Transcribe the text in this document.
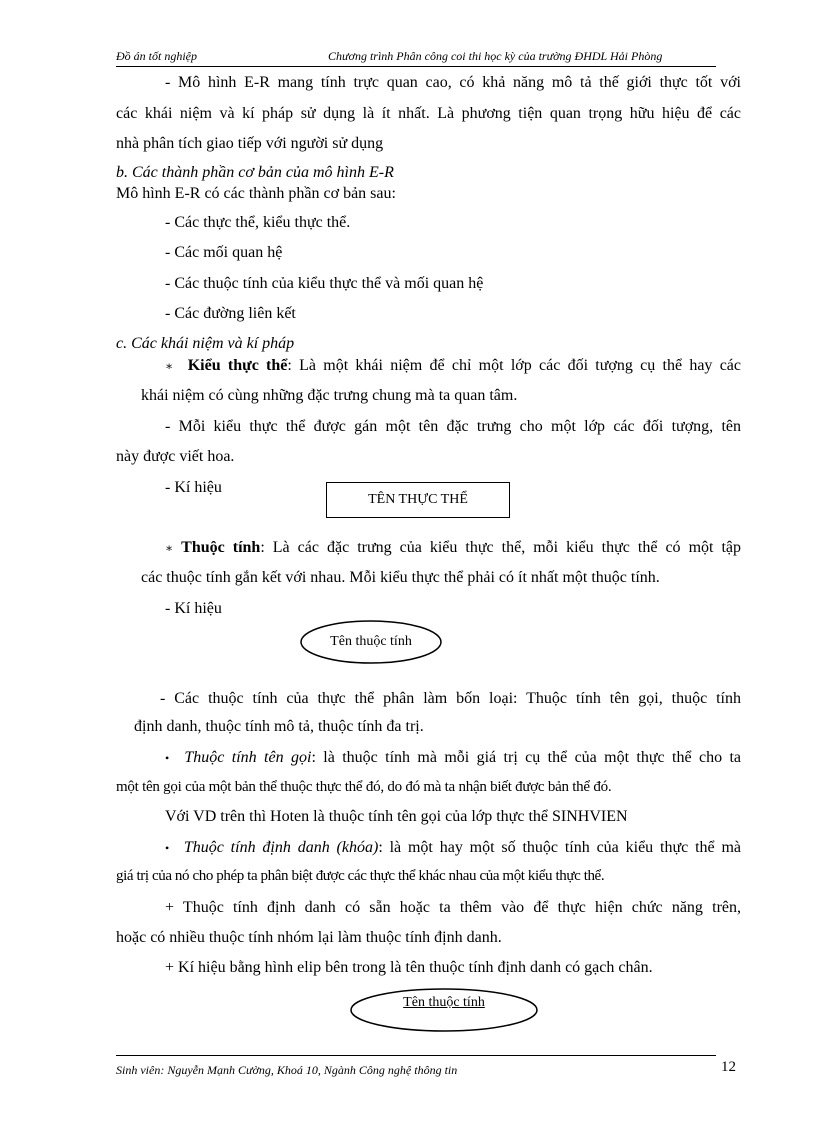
Đồ án tốt nghiệp	Chương trình Phân công coi thi học kỳ của trường ĐHDL Hải Phòng
- Mô hình E-R mang tính trực quan cao, có khả năng mô tả thế giới thực tốt với
các khái niệm và kí pháp sử dụng là ít nhất. Là phương tiện quan trọng hữu hiệu để các
nhà phân tích giao tiếp với người sử dụng
b. Các thành phần cơ bản của mô hình E-R
Mô hình E-R có các thành phần cơ bản sau:
- Các thực thể, kiểu thực thể.
- Các mối quan hệ
- Các thuộc tính của kiểu thực thể và mối quan hệ
- Các đường liên kết
c. Các khái niệm và kí pháp
∗ Kiểu thực thể: Là một khái niệm để chỉ một lớp các đối tượng cụ thể hay các
khái niệm có cùng những đặc trưng chung mà ta quan tâm.
- Mỗi kiểu thực thể được gán một tên đặc trưng cho một lớp các đối tượng, tên
này được viết hoa.
- Kí hiệu
TÊN THỰC THỂ
∗ Thuộc tính: Là các đặc trưng của kiểu thực thể, mỗi kiểu thực thể có một tập
các thuộc tính gắn kết với nhau. Mỗi kiểu thực thể phải có ít nhất một thuộc tính.
- Kí hiệu
Tên thuộc tính
- Các thuộc tính của thực thể phân làm bốn loại: Thuộc tính tên gọi, thuộc tính
định danh, thuộc tính mô tả, thuộc tính đa trị.
• Thuộc tính tên gọi: là thuộc tính mà mỗi giá trị cụ thể của một thực thể cho ta
một tên gọi của một bản thể thuộc thực thể đó, do đó mà ta nhận biết được bản thể đó.
Với VD trên thì Hoten là thuộc tính tên gọi của lớp thực thể SINHVIEN
• Thuộc tính định danh (khóa): là một hay một số thuộc tính của kiểu thực thể mà
giá trị của nó cho phép ta phân biệt được các thực thể khác nhau của một kiểu thực thể.
+ Thuộc tính định danh có sẵn hoặc ta thêm vào để thực hiện chức năng trên,
hoặc có nhiều thuộc tính nhóm lại làm thuộc tính định danh.
+ Kí hiệu bằng hình elip bên trong là tên thuộc tính định danh có gạch chân.
Tên thuộc tính
Sinh viên: Nguyễn Mạnh Cường, Khoá 10, Ngành Công nghệ thông tin	12
